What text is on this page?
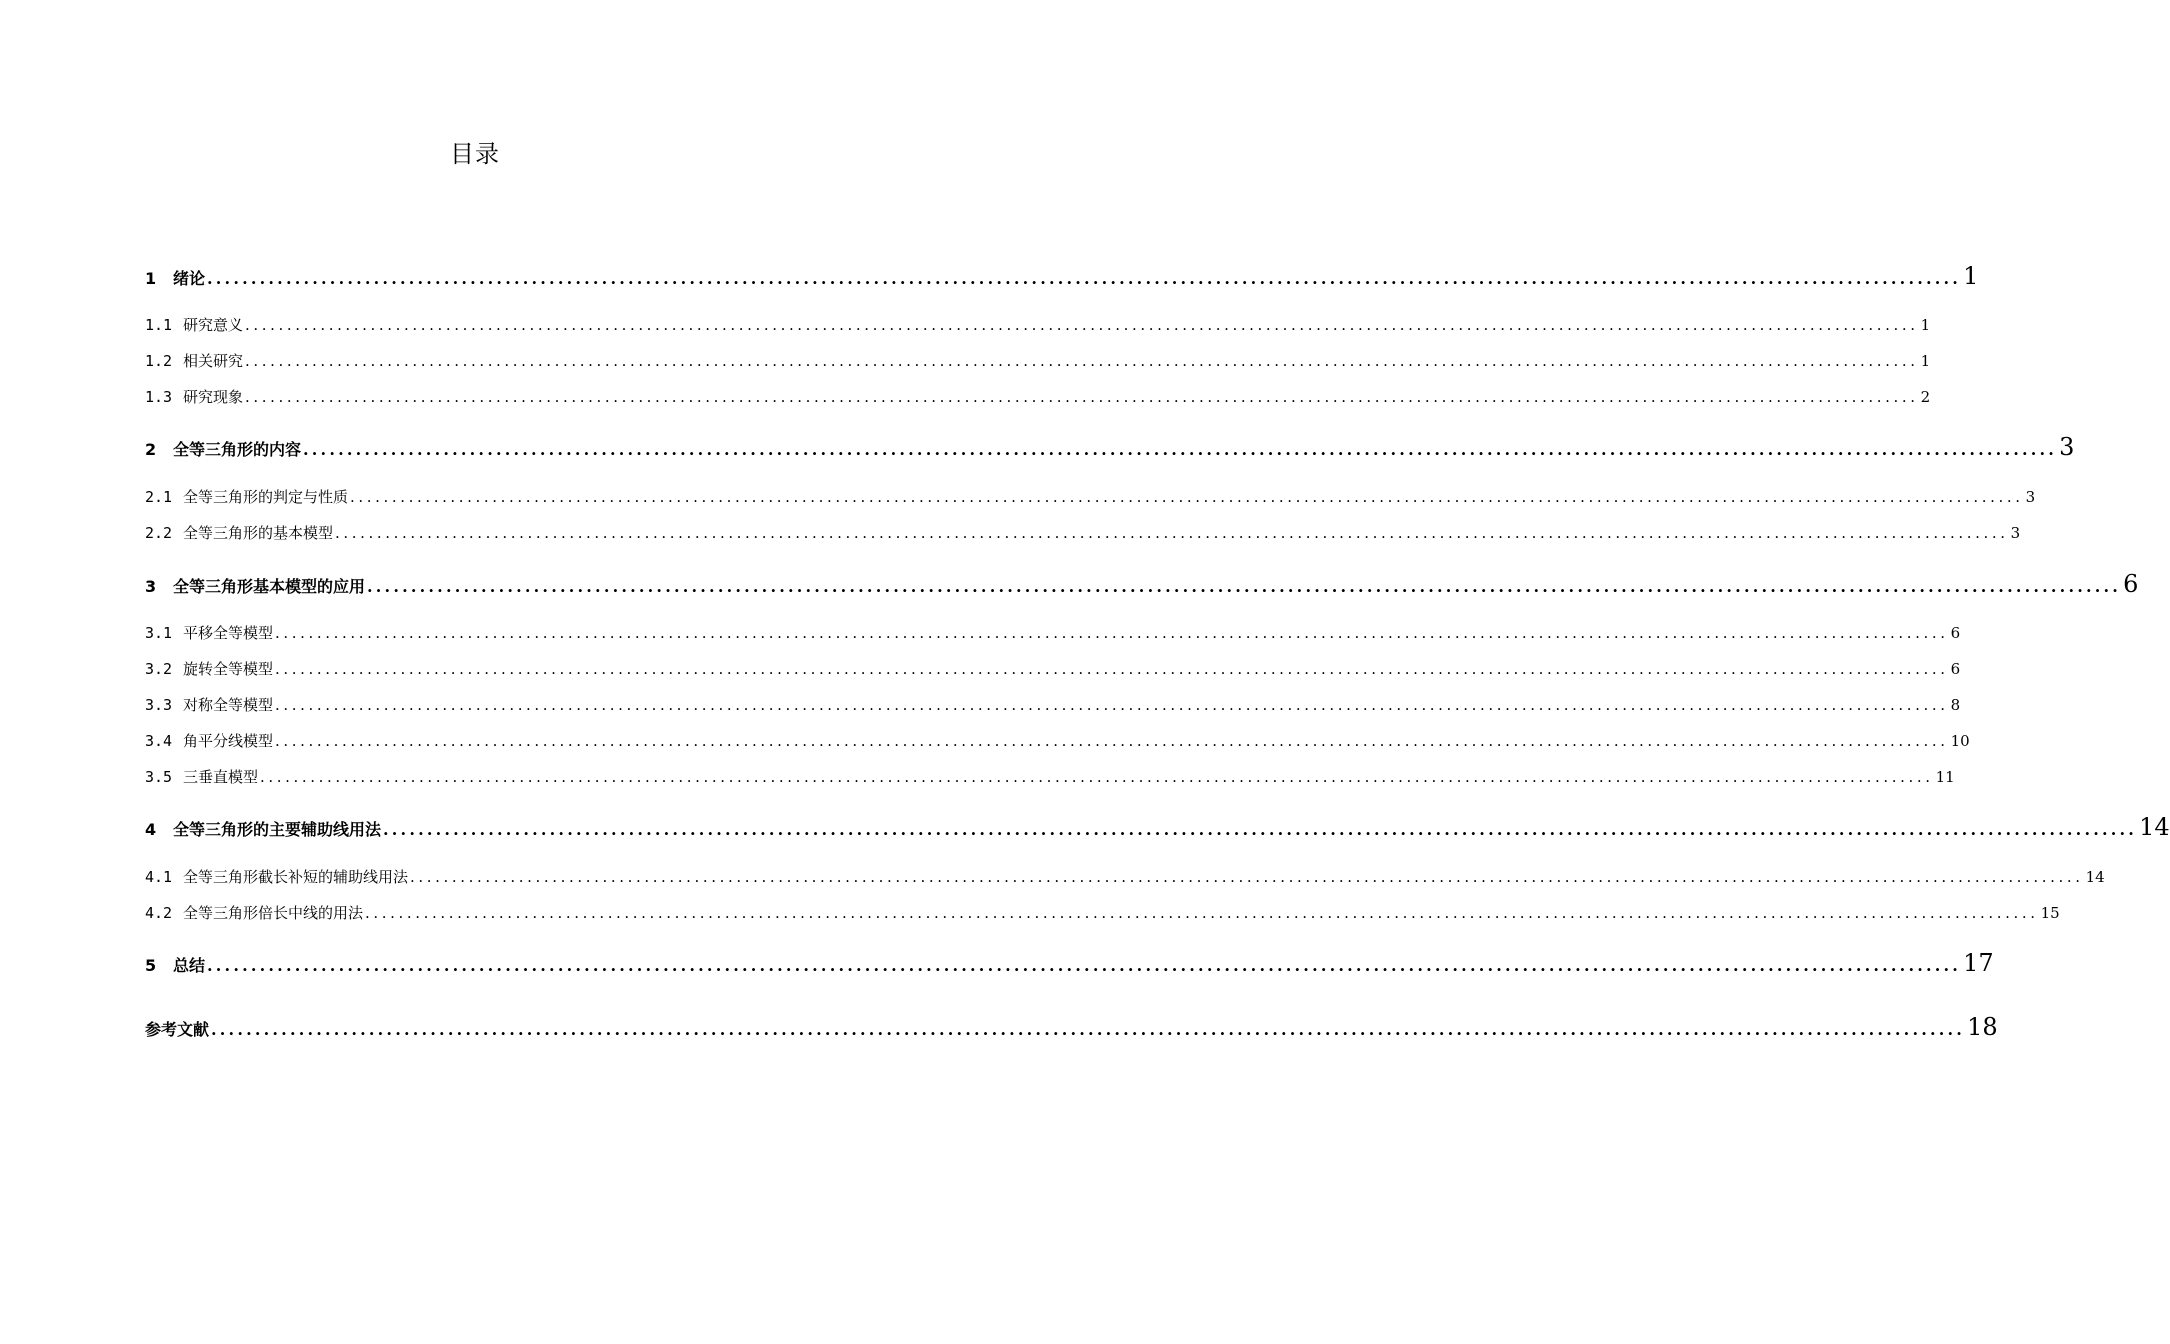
目录
1	绪论 ........................................................................................................................................................................................................ 1
1.1 研究意义 ........................................................................................................................................................................................................ 1
1.2 相关研究 ........................................................................................................................................................................................................ 1
1.3 研究现象 ........................................................................................................................................................................................................ 2
2	全等三角形的内容 ........................................................................................................................................................................................................ 3
2.1 全等三角形的判定与性质 ........................................................................................................................................................................................................ 3
2.2 全等三角形的基本模型 ........................................................................................................................................................................................................ 3
3	全等三角形基本模型的应用 ........................................................................................................................................................................................................ 6
3.1 平移全等模型 ........................................................................................................................................................................................................ 6
3.2 旋转全等模型 ........................................................................................................................................................................................................ 6
3.3 对称全等模型 ........................................................................................................................................................................................................ 8
3.4 角平分线模型 ........................................................................................................................................................................................................ 10
3.5 三垂直模型 ........................................................................................................................................................................................................ 11
4	全等三角形的主要辅助线用法 ........................................................................................................................................................................................................ 14
4.1 全等三角形截长补短的辅助线用法 ........................................................................................................................................................................................................ 14
4.2 全等三角形倍长中线的用法 ........................................................................................................................................................................................................ 15
5	总结 ........................................................................................................................................................................................................ 17
参考文献 ........................................................................................................................................................................................................ 18
